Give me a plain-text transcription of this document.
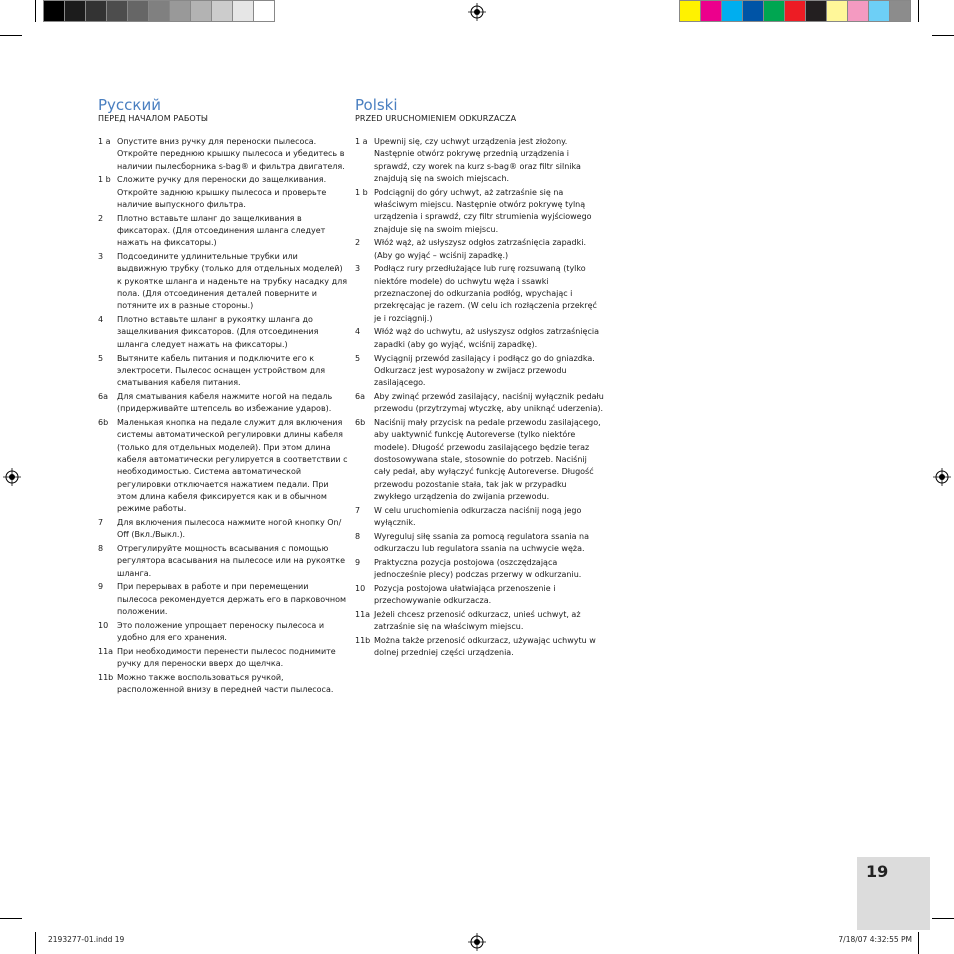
Русский

ПЕРЕД НАЧАЛОМ РАБОТЫ

1 a Опустите вниз ручку для переноски пылесоса. Откройте переднюю крышку пылесоса и убедитесь в наличии пылесборника s-bag® и фильтра двигателя.
1 b Сложите ручку для переноски до защелкивания. Откройте заднюю крышку пылесоса и проверьте наличие выпускного фильтра.
2	Плотно вставьте шланг до защелкивания в фиксаторах. (Для отсоединения шланга следует нажать на фиксаторы.)
3	Подсоедините удлинительные трубки или выдвижную трубку (только для отдельных моделей) к рукоятке шланга и наденьте на трубку насадку для пола. (Для отсоединения деталей поверните и потяните их в разные стороны.)
4	Плотно вставьте шланг в рукоятку шланга до защелкивания фиксаторов. (Для отсоединения шланга следует нажать на фиксаторы.)
5	Вытяните кабель питания и подключите его к электросети. Пылесос оснащен устройством для сматывания кабеля питания.
6a	Для сматывания кабеля нажмите ногой на педаль (придерживайте штепсель во избежание ударов).
6b	Маленькая кнопка на педале служит для включения системы автоматической регулировки длины кабеля (только для отдельных моделей). При этом длина кабеля автоматически регулируется в соответствии с необходимостью. Система автоматической регулировки отключается нажатием педали. При этом длина кабеля фиксируется как и в обычном режиме работы.
7	Для включения пылесоса нажмите ногой кнопку On/ Off (Вкл./Выкл.).
8	Отрегулируйте мощность всасывания с помощью регулятора всасывания на пылесосе или на рукоятке шланга.
9	При перерывах в работе и при перемещении пылесоса рекомендуется держать его в парковочном положении.
10	Это положение упрощает переноску пылесоса и удобно для его хранения.
11a При необходимости перенести пылесос поднимите ручку для переноски вверх до щелчка.
11b Можно также воспользоваться ручкой, расположенной внизу в передней части пылесоса.
Polski

PRZED URUCHOMIENIEM ODKURZACZA

1 a Upewnij się, czy uchwyt urządzenia jest złożony. Następnie otwórz pokrywę przednią urządzenia i sprawdź, czy worek na kurz s-bag® oraz filtr silnika znajdują się na swoich miejscach.
1 b Podciągnij do góry uchwyt, aż zatrzaśnie się na właściwym miejscu. Następnie otwórz pokrywę tylną urządzenia i sprawdź, czy filtr strumienia wyjściowego znajduje się na swoim miejscu.
2	Włóż wąż, aż usłyszysz odgłos zatrzaśnięcia zapadki. (Aby go wyjąć – wciśnij zapadkę.)
3	Podłącz rury przedłużające lub rurę rozsuwaną (tylko niektóre modele) do uchwytu węża i ssawki przeznaczonej do odkurzania podłóg, wpychając i przekręcając je razem. (W celu ich rozłączenia przekręć je i rozciągnij.)
4	Włóż wąż do uchwytu, aż usłyszysz odgłos zatrzaśnięcia zapadki (aby go wyjąć, wciśnij zapadkę).
5	Wyciągnij przewód zasilający i podłącz go do gniazdka. Odkurzacz jest wyposażony w zwijacz przewodu zasilającego.
6a	Aby zwinąć przewód zasilający, naciśnij wyłącznik pedału przewodu (przytrzymaj wtyczkę, aby uniknąć uderzenia).
6b	Naciśnij mały przycisk na pedale przewodu zasilającego, aby uaktywnić funkcję Autoreverse (tylko niektóre modele). Długość przewodu zasilającego będzie teraz dostosowywana stale, stosownie do potrzeb. Naciśnij cały pedał, aby wyłączyć funkcję Autoreverse. Długość przewodu pozostanie stała, tak jak w przypadku zwykłego urządzenia do zwijania przewodu.
7	W celu uruchomienia odkurzacza naciśnij nogą jego wyłącznik.
8	Wyreguluj siłę ssania za pomocą regulatora ssania na odkurzaczu lub regulatora ssania na uchwycie węża.
9	Praktyczna pozycja postojowa (oszczędzająca jednocześnie plecy) podczas przerwy w odkurzaniu.
10	Pozycja postojowa ułatwiająca przenoszenie i przechowywanie odkurzacza.
11a Jeżeli chcesz przenosić odkurzacz, unieś uchwyt, aż zatrzaśnie się na właściwym miejscu.
11b Można także przenosić odkurzacz, używając uchwytu w dolnej przedniej części urządzenia.
19
2193277-01.indd 19	7/18/07 4:32:55 PM
